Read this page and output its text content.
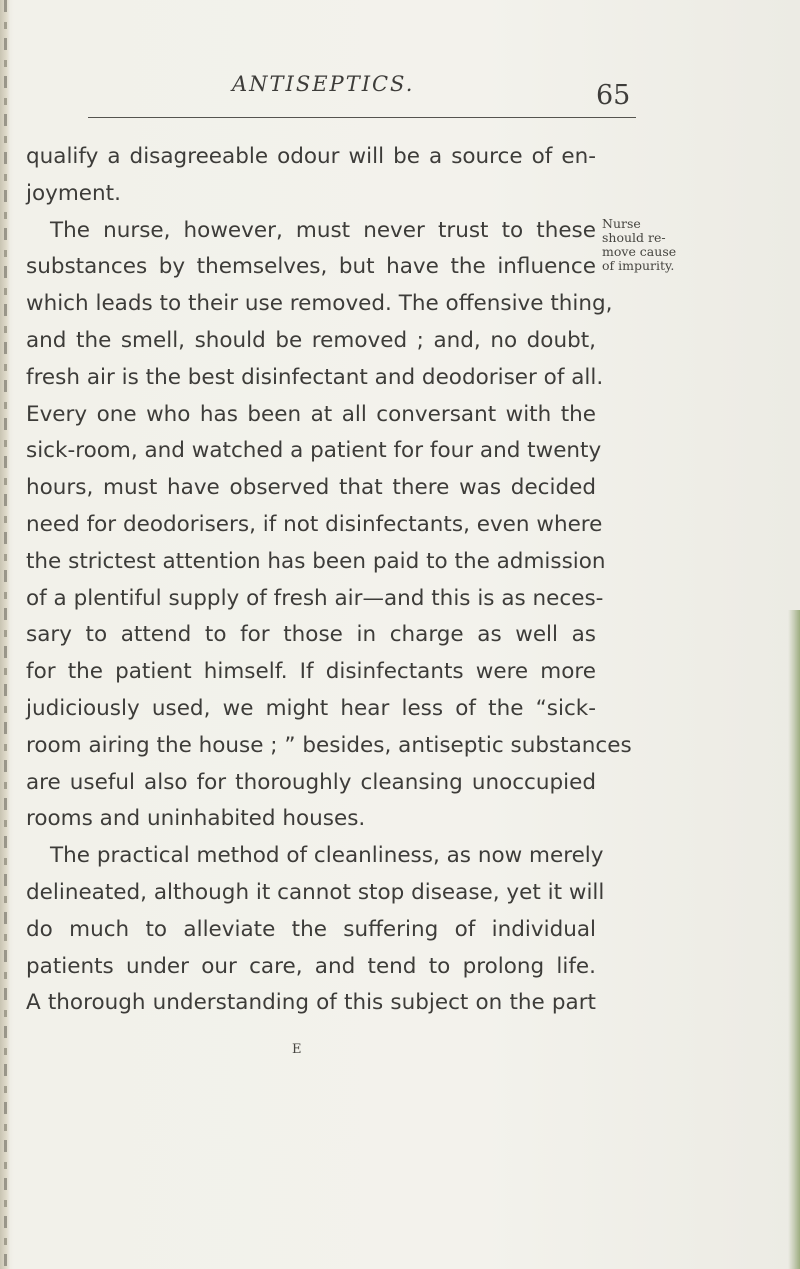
ANTISEPTICS.	65
qualify a disagreeable odour will be a source of en-
joyment.
The nurse, however, must never trust to these
substances by themselves, but have the influence
which leads to their use removed. The offensive thing,
and the smell, should be removed ; and, no doubt,
fresh air is the best disinfectant and deodoriser of all.
Every one who has been at all conversant with the
sick-room, and watched a patient for four and twenty
hours, must have observed that there was decided
need for deodorisers, if not disinfectants, even where
the strictest attention has been paid to the admission
of a plentiful supply of fresh air—and this is as neces-
sary to attend to for those in charge as well as
for the patient himself. If disinfectants were more
judiciously used, we might hear less of the “sick-
room airing the house ; ” besides, antiseptic substances
are useful also for thoroughly cleansing unoccupied
rooms and uninhabited houses.
The practical method of cleanliness, as now merely
delineated, although it cannot stop disease, yet it will
do much to alleviate the suffering of individual
patients under our care, and tend to prolong life.
A thorough understanding of this subject on the part
Nurse
should re-
move cause
of impurity.
E
